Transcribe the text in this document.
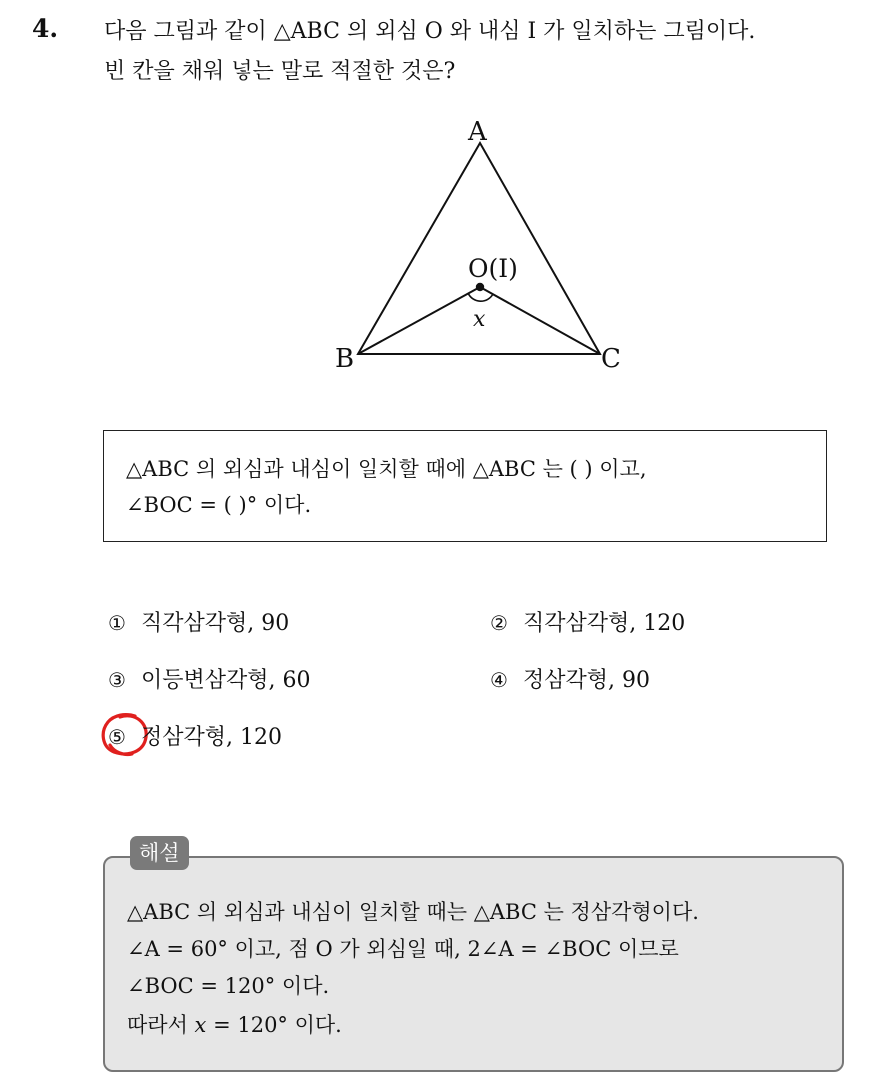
4. 다음 그림과 같이 △ABC 의 외심 O 와 내심 I 가 일치하는 그림이다.
빈 칸을 채워 넣는 말로 적절한 것은?
A
B	C
O(I)
x
△ABC 의 외심과 내심이 일치할 때에 △ABC 는 ( ) 이고,
∠BOC = ( )° 이다.
① 직각삼각형, 90	② 직각삼각형, 120
③ 이등변삼각형, 60	④ 정삼각형, 90
⑤ 정삼각형, 120
△ABC 의 외심과 내심이 일치할 때는 △ABC 는 정삼각형이다.
∠A = 60° 이고, 점 O 가 외심일 때, 2∠A = ∠BOC 이므로
∠BOC = 120° 이다.
따라서 x = 120° 이다.
해설
